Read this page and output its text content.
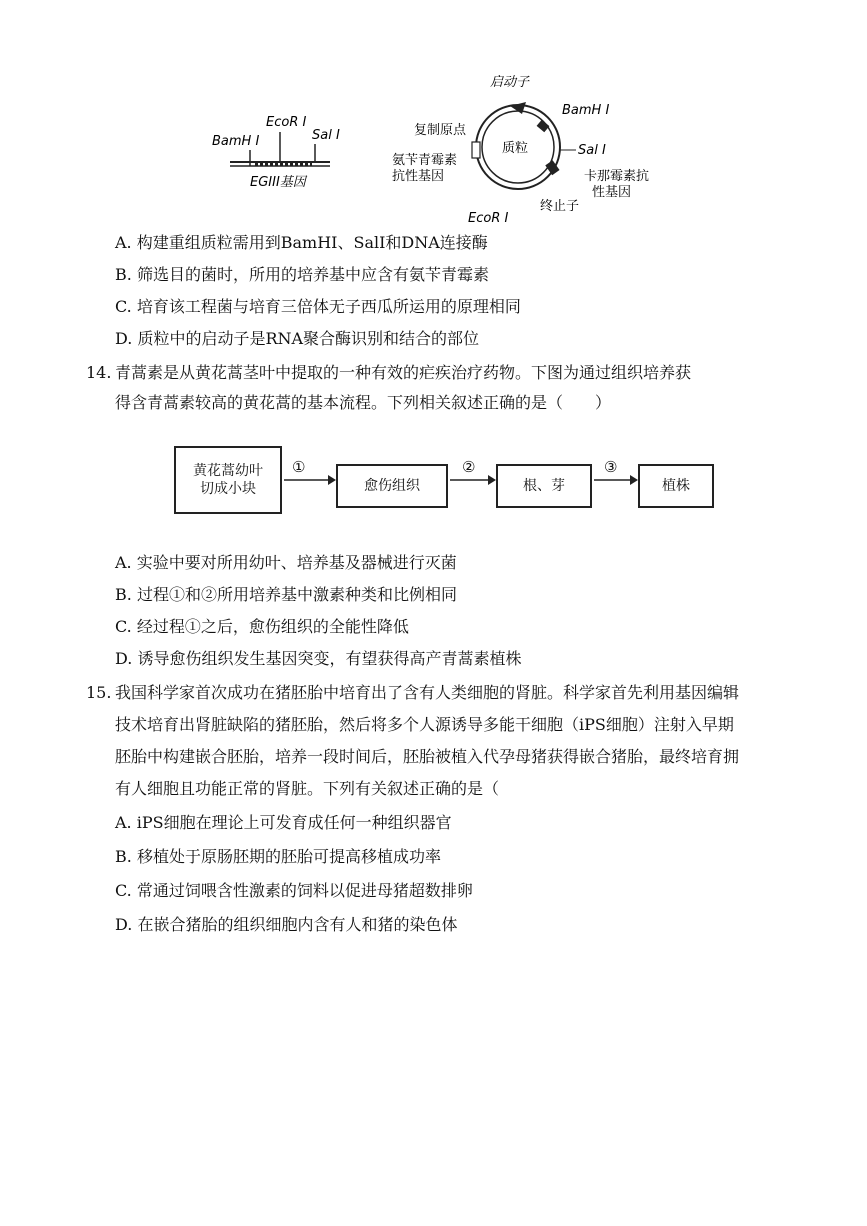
EcoR I
BamH I	Sal I
EGIII基因
质粒
启动子
BamH I
复制原点
Sal I
氨苄青霉素 抗性基因	卡那霉素抗 性基因
终止子
EcoR I
A. 构建重组质粒需用到BamHI、SalI和DNA连接酶
B. 筛选目的菌时，所用的培养基中应含有氨苄青霉素
C. 培育该工程菌与培育三倍体无子西瓜所运用的原理相同
D. 质粒中的启动子是RNA聚合酶识别和结合的部位
14. 青蒿素是从黄花蒿茎叶中提取的一种有效的疟疾治疗药物。下图为通过组织培养获
得含青蒿素较高的黄花蒿的基本流程。下列相关叙述正确的是（　　）
黄花蒿幼叶切成小块
①
愈伤组织
②
根、芽
③
植株
A. 实验中要对所用幼叶、培养基及器械进行灭菌
B. 过程①和②所用培养基中激素种类和比例相同
C. 经过程①之后，愈伤组织的全能性降低
D. 诱导愈伤组织发生基因突变，有望获得高产青蒿素植株
15. 我国科学家首次成功在猪胚胎中培育出了含有人类细胞的肾脏。科学家首先利用基因编辑
技术培育出肾脏缺陷的猪胚胎，然后将多个人源诱导多能干细胞（iPS细胞）注射入早期
胚胎中构建嵌合胚胎，培养一段时间后，胚胎被植入代孕母猪获得嵌合猪胎，最终培育拥
有人细胞且功能正常的肾脏。下列有关叙述正确的是（
A. iPS细胞在理论上可发育成任何一种组织器官
B. 移植处于原肠胚期的胚胎可提高移植成功率
C. 常通过饲喂含性激素的饲料以促进母猪超数排卵
D. 在嵌合猪胎的组织细胞内含有人和猪的染色体
